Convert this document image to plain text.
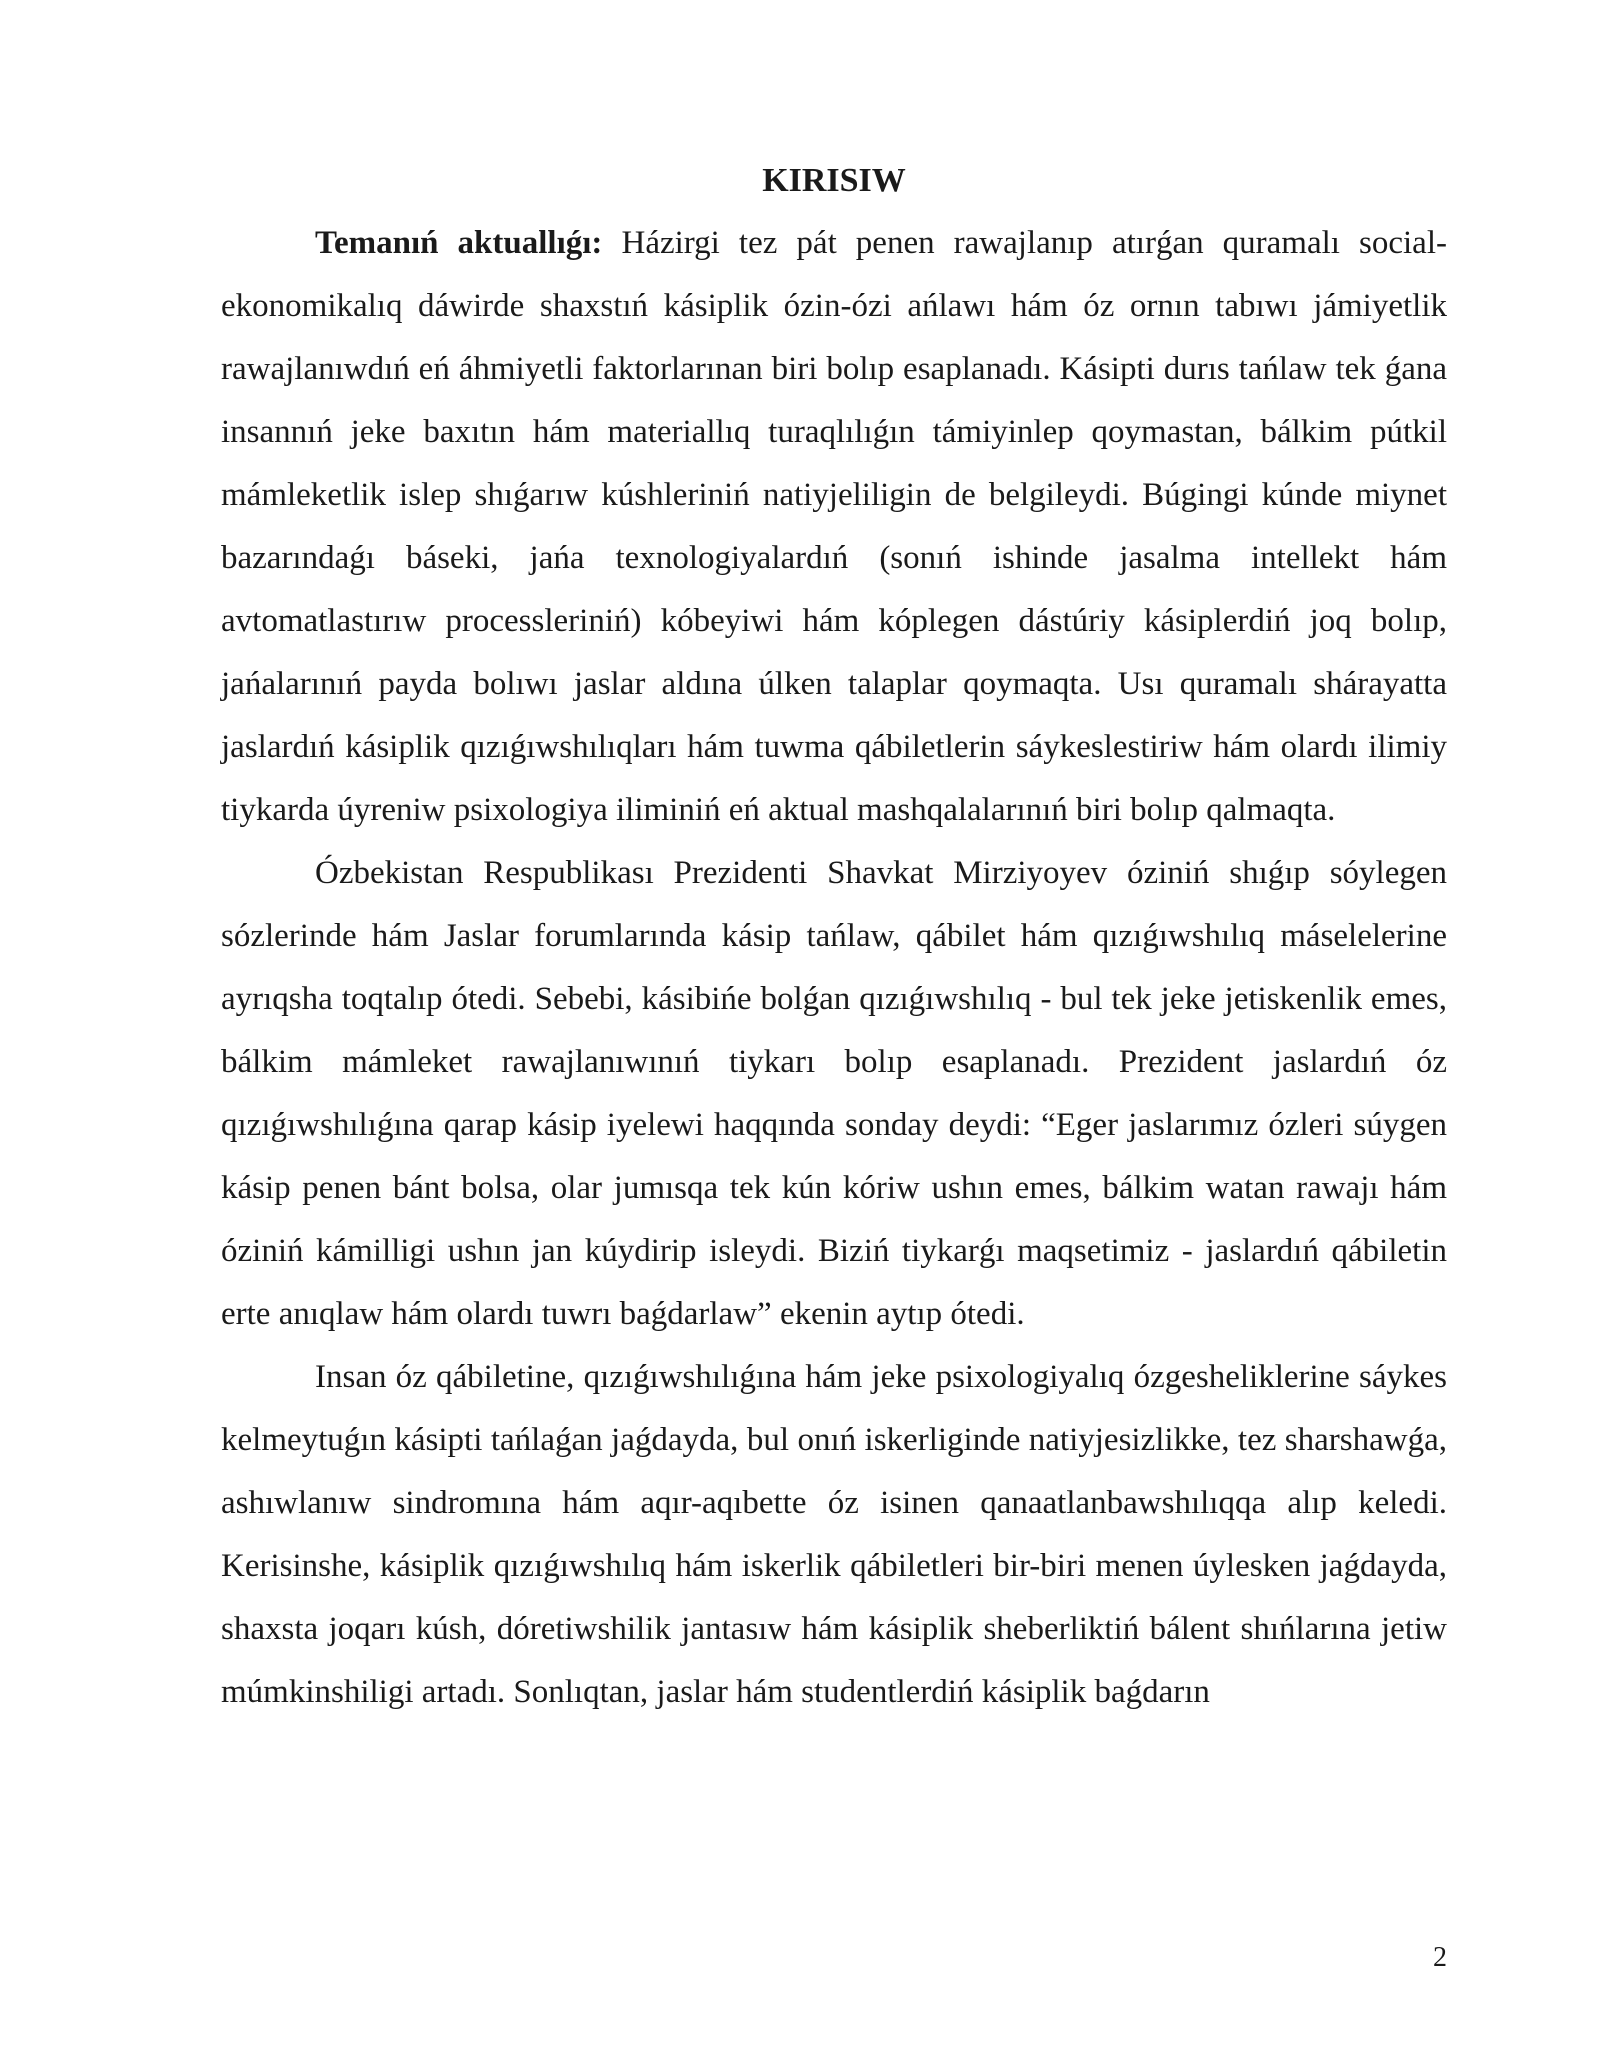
KIRISIW

Temanıń aktuallıǵı: Házirgi tez pát penen rawajlanıp atırǵan quramalı social-ekonomikalıq dáwirde shaxstıń kásiplik ózin-ózi ańlawı hám óz ornın tabıwı jámiyetlik rawajlanıwdıń eń áhmiyetli faktorlarınan biri bolıp esaplanadı. Kásipti durıs tańlaw tek ǵana insannıń jeke baxıtın hám materiallıq turaqlılıǵın támiyinlep qoymastan, bálkim pútkil mámleketlik islep shıǵarıw kúshleriniń natiyjeliligin de belgileydi. Búgingi kúnde miynet bazarındaǵı báseki, jańa texnologiyalardıń (sonıń ishinde jasalma intellekt hám avtomatlastırıw processleriniń) kóbeyiwi hám kóplegen dástúriy kásiplerdiń joq bolıp, jańalarınıń payda bolıwı jaslar aldına úlken talaplar qoymaqta. Usı quramalı shárayatta jaslardıń kásiplik qızıǵıwshılıqları hám tuwma qábiletlerin sáykeslestiriw hám olardı ilimiy tiykarda úyreniw psixologiya iliminiń eń aktual mashqalalarınıń biri bolıp qalmaqta.

Ózbekistan Respublikası Prezidenti Shavkat Mirziyoyev óziniń shıǵıp sóylegen sózlerinde hám Jaslar forumlarında kásip tańlaw, qábilet hám qızıǵıwshılıq máselelerine ayrıqsha toqtalıp ótedi. Sebebi, kásibińe bolǵan qızıǵıwshılıq - bul tek jeke jetiskenlik emes, bálkim mámleket rawajlanıwınıń tiykarı bolıp esaplanadı. Prezident jaslardıń óz qızıǵıwshılıǵına qarap kásip iyelewi haqqında sonday deydi: “Eger jaslarımız ózleri súygen kásip penen bánt bolsa, olar jumısqa tek kún kóriw ushın emes, bálkim watan rawajı hám óziniń kámilligi ushın jan kúydirip isleydi. Biziń tiykarǵı maqsetimiz - jaslardıń qábiletin erte anıqlaw hám olardı tuwrı baǵdarlaw” ekenin aytıp ótedi.

Insan óz qábiletine, qızıǵıwshılıǵına hám jeke psixologiyalıq ózgesheliklerine sáykes kelmeytuǵın kásipti tańlaǵan jaǵdayda, bul onıń iskerliginde natiyjesizlikke, tez sharshawǵa, ashıwlanıw sindromına hám aqır-aqıbette óz isinen qanaatlanbawshılıqqa alıp keledi. Kerisinshe, kásiplik qızıǵıwshılıq hám iskerlik qábiletleri bir-biri menen úylesken jaǵdayda, shaxsta joqarı kúsh, dóretiwshilik jantasıw hám kásiplik sheberliktiń bálent shıńlarına jetiw múmkinshiligi artadı. Sonlıqtan, jaslar hám studentlerdiń kásiplik baǵdarın

2
